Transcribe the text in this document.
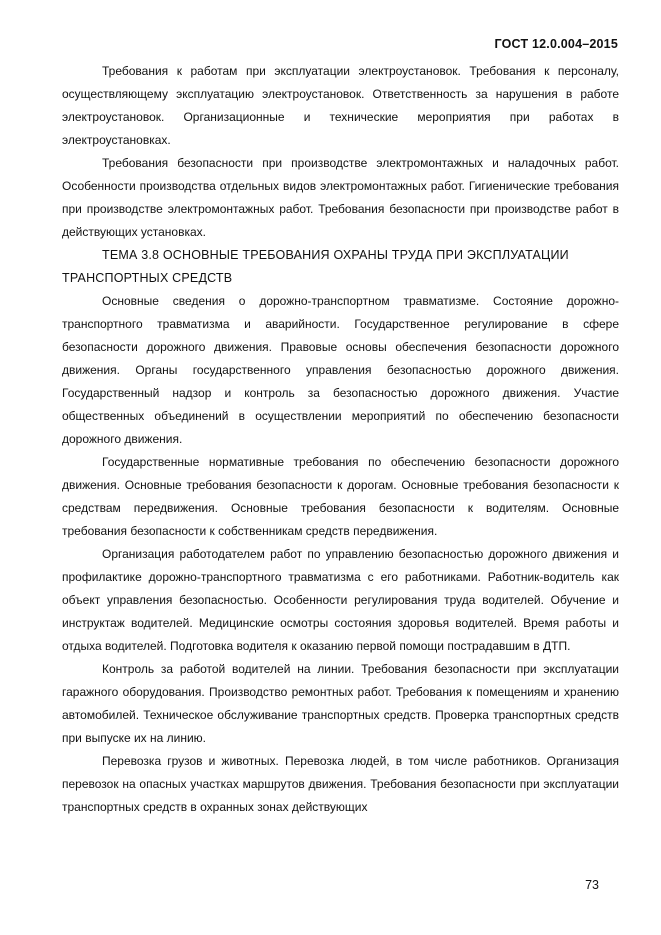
ГОСТ 12.0.004–2015

Требования к работам при эксплуатации электроустановок. Требования к персоналу, осуществляющему эксплуатацию электроустановок. Ответственность за нарушения в работе электроустановок. Организационные и технические мероприятия при работах в электроустановках.

Требования безопасности при производстве электромонтажных и наладочных работ. Особенности производства отдельных видов электромонтажных работ. Гигиенические требования при производстве электромонтажных работ. Требования безопасности при производстве работ в действующих установках.

ТЕМА 3.8 ОСНОВНЫЕ ТРЕБОВАНИЯ ОХРАНЫ ТРУДА ПРИ ЭКСПЛУАТАЦИИ ТРАНСПОРТНЫХ СРЕДСТВ

Основные сведения о дорожно-транспортном травматизме. Состояние дорожно-транспортного травматизма и аварийности. Государственное регулирование в сфере безопасности дорожного движения. Правовые основы обеспечения безопасности дорожного движения. Органы государственного управления безопасностью дорожного движения. Государственный надзор и контроль за безопасностью дорожного движения. Участие общественных объединений в осуществлении мероприятий по обеспечению безопасности дорожного движения.

Государственные нормативные требования по обеспечению безопасности дорожного движения. Основные требования безопасности к дорогам. Основные требования безопасности к средствам передвижения. Основные требования безопасности к водителям. Основные требования безопасности к собственникам средств передвижения.

Организация работодателем работ по управлению безопасностью дорожного движения и профилактике дорожно-транспортного травматизма с его работниками. Работник-водитель как объект управления безопасностью. Особенности регулирования труда водителей. Обучение и инструктаж водителей. Медицинские осмотры состояния здоровья водителей. Время работы и отдыха водителей. Подготовка водителя к оказанию первой помощи пострадавшим в ДТП.

Контроль за работой водителей на линии. Требования безопасности при эксплуатации гаражного оборудования. Производство ремонтных работ. Требования к помещениям и хранению автомобилей. Техническое обслуживание транспортных средств. Проверка транспортных средств при выпуске их на линию.

Перевозка грузов и животных. Перевозка людей, в том числе работников. Организация перевозок на опасных участках маршрутов движения. Требования безопасности при эксплуатации транспортных средств в охранных зонах действующих

73
